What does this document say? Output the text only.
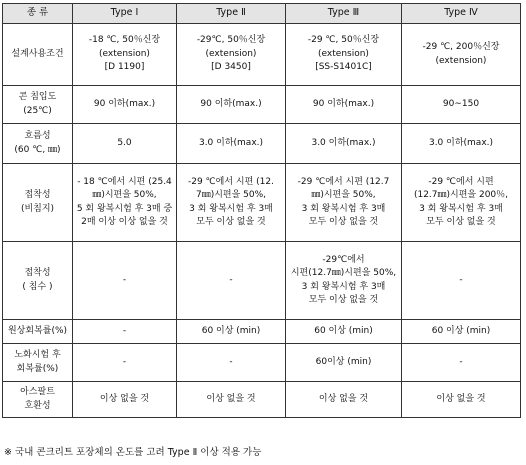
종 류	Type Ⅰ	Type Ⅱ	Type Ⅲ	Type Ⅳ

설계사용조건	-18 ℃, 50％신장
(extension)
[D 1190]	-29℃, 50％신장
(extension)
[D 3450]	-29 ℃, 50％신장
(extension)
[SS-S1401C]	-29 ℃, 200％신장
(extension)

콘 침입도
(25℃)	90 이하(max.)	90 이하(max.)	90 이하(max.)	90∼150

흐름성
(60 ℃, ㎜)	5.0	3.0 이하(max.)	3.0 이하(max.)	3.0 이하(max.)

접착성
(비침지)	- 18 ℃에서 시편 (25.4
㎜)시편을 50%,
5 회 왕복시험 후 3매 중
2매 이상 이상 없을 것	-29 ℃에서 시편 (12.
7㎜)시편을 50%,
3 회 왕복시험 후 3매
모두 이상 없을 것	-29 ℃에서 시편 (12.7
㎜)시편을 50%,
3 회 왕복시험 후 3매
모두 이상 없을 것	-29 ℃에서 시편
(12.7㎜)시편을 200％,
3 회 왕복시험 후 3매
모두 이상 없을 것

접착성
( 침수 )	-	-	-29℃에서
시편(12.7㎜)시편을 50%,
3 회 왕복시험 후 3매
모두 이상 없을 것	-

원상회복률(%)	-	60 이상 (min)	60 이상 (min)	60 이상 (min)

노화시험 후
회복률(%)	-	-	60이상 (min)	-

아스팔트
호환성	이상 없을 것	이상 없을 것	이상 없을 것	이상 없을 것
※ 국내 콘크리트 포장체의 온도를 고려 Type Ⅱ 이상 적용 가능
